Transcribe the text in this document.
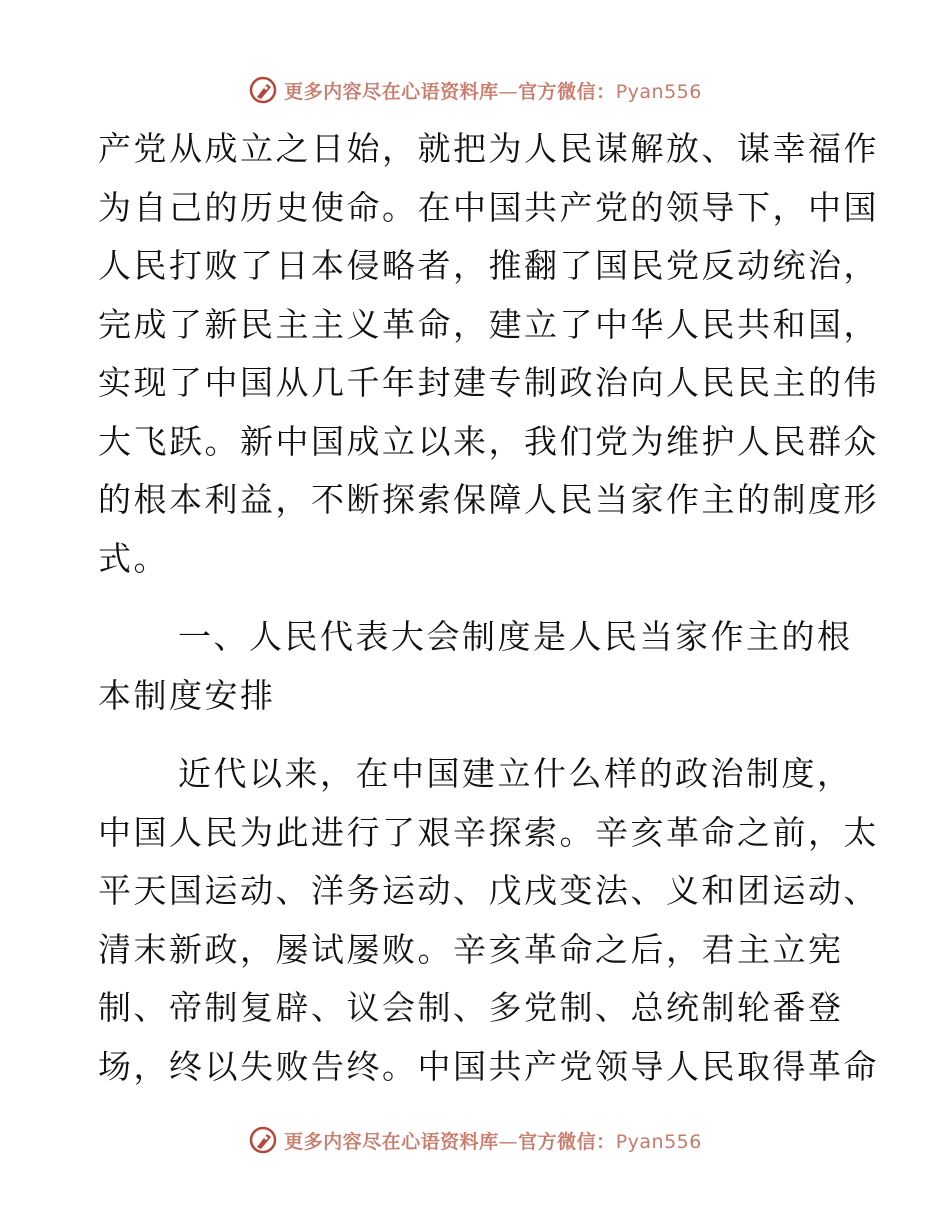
更多内容尽在心语资料库—官方微信：Pyan556
产党从成立之日始，就把为人民谋解放、谋幸福作
为自己的历史使命。在中国共产党的领导下，中国
人民打败了日本侵略者，推翻了国民党反动统治，
完成了新民主主义革命，建立了中华人民共和国，
实现了中国从几千年封建专制政治向人民民主的伟
大飞跃。新中国成立以来，我们党为维护人民群众
的根本利益，不断探索保障人民当家作主的制度形
式。
一、人民代表大会制度是人民当家作主的根
本制度安排
近代以来，在中国建立什么样的政治制度，
中国人民为此进行了艰辛探索。辛亥革命之前，太
平天国运动、洋务运动、戊戌变法、义和团运动、
清末新政，屡试屡败。辛亥革命之后，君主立宪
制、帝制复辟、议会制、多党制、总统制轮番登
场，终以失败告终。中国共产党领导人民取得革命
更多内容尽在心语资料库—官方微信：Pyan556
